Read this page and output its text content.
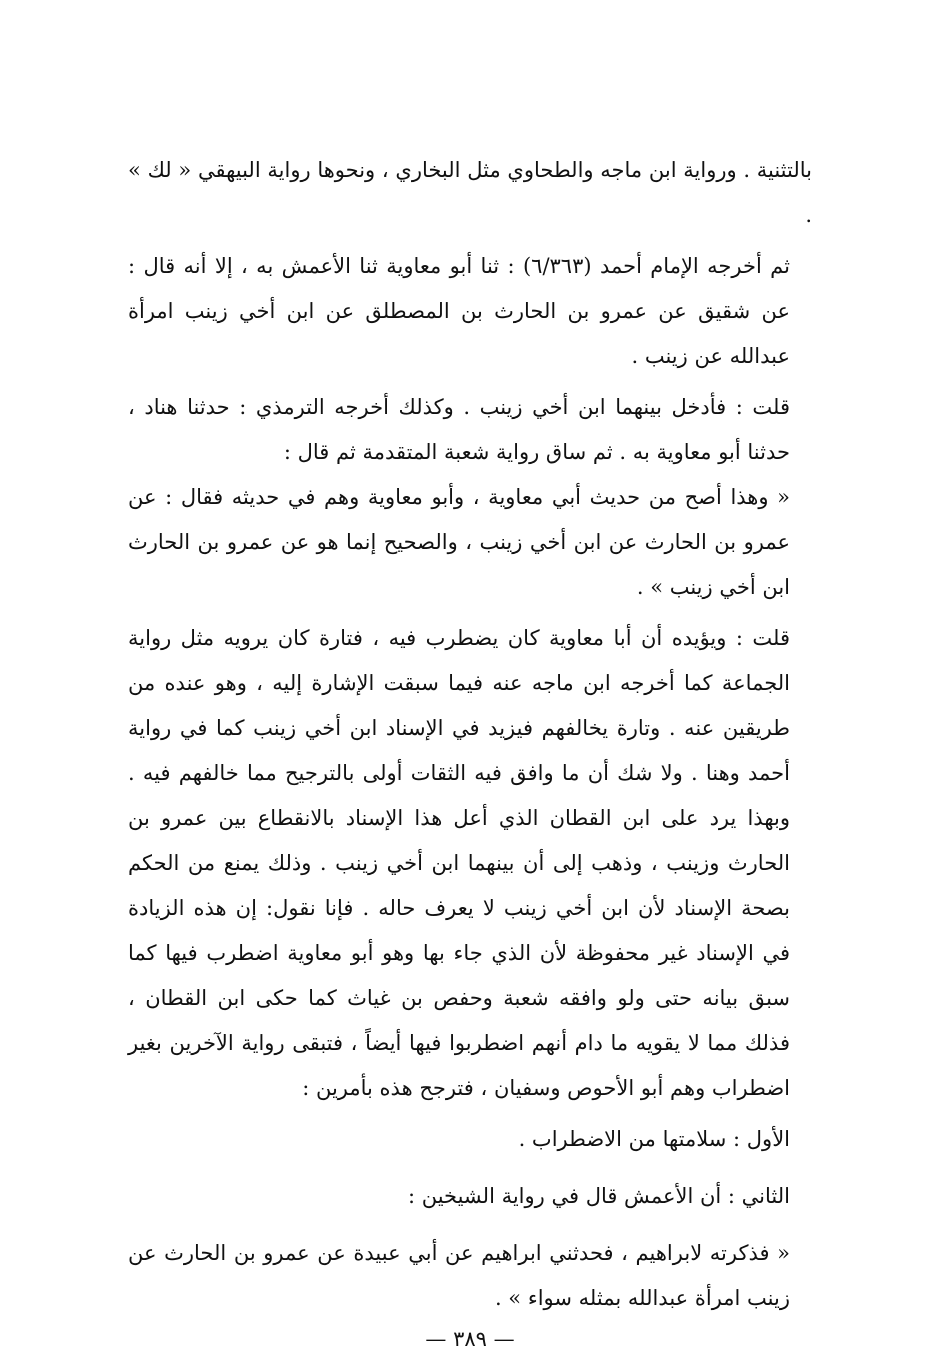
بالتثنية . ورواية ابن ماجه والطحاوي مثل البخاري ، ونحوها رواية البيهقي « لك » .

ثم أخرجه الإمام أحمد (٦/٣٦٣) : ثنا أبو معاوية ثنا الأعمش به ، إلا أنه قال : عن شقيق عن عمرو بن الحارث بن المصطلق عن ابن أخي زينب امرأة عبدالله عن زينب .

قلت : فأدخل بينهما ابن أخي زينب . وكذلك أخرجه الترمذي : حدثنا هناد ، حدثنا أبو معاوية به . ثم ساق رواية شعبة المتقدمة ثم قال :

« وهذا أصح من حديث أبي معاوية ، وأبو معاوية وهم في حديثه فقال : عن عمرو بن الحارث عن ابن أخي زينب ، والصحيح إنما هو عن عمرو بن الحارث ابن أخي زينب » .

قلت : ويؤيده أن أبا معاوية كان يضطرب فيه ، فتارة كان يرويه مثل رواية الجماعة كما أخرجه ابن ماجه عنه فيما سبقت الإشارة إليه ، وهو عنده من طريقين عنه . وتارة يخالفهم فيزيد في الإسناد ابن أخي زينب كما في رواية أحمد وهنا . ولا شك أن ما وافق فيه الثقات أولى بالترجيح مما خالفهم فيه . وبهذا يرد على ابن القطان الذي أعل هذا الإسناد بالانقطاع بين عمرو بن الحارث وزينب ، وذهب إلى أن بينهما ابن أخي زينب . وذلك يمنع من الحكم بصحة الإسناد لأن ابن أخي زينب لا يعرف حاله . فإنا نقول: إن هذه الزيادة في الإسناد غير محفوظة لأن الذي جاء بها وهو أبو معاوية اضطرب فيها كما سبق بيانه حتى ولو وافقه شعبة وحفص بن غياث كما حكى ابن القطان ، فذلك مما لا يقويه ما دام أنهم اضطربوا فيها أيضاً ، فتبقى رواية الآخرين بغير اضطراب وهم أبو الأحوص وسفيان ، فترجح هذه بأمرين :

الأول : سلامتها من الاضطراب .

الثاني : أن الأعمش قال في رواية الشيخين :

« فذكرته لابراهيم ، فحدثني ابراهيم عن أبي عبيدة عن عمرو بن الحارث عن زينب امرأة عبدالله بمثله سواء » .

— ٣٨٩ —
